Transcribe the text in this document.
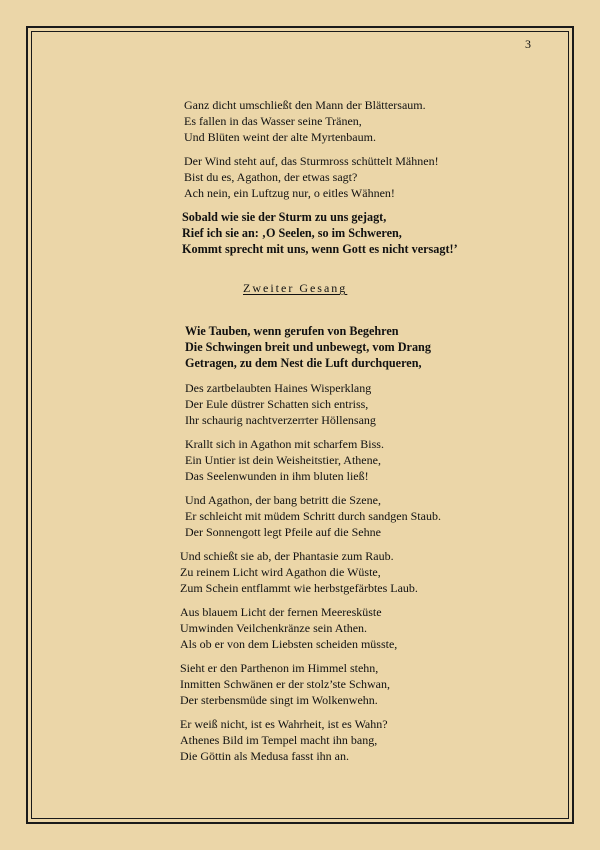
3
Ganz dicht umschließt den Mann der Blättersaum.
Es fallen in das Wasser seine Tränen,
Und Blüten weint der alte Myrtenbaum.
Der Wind steht auf, das Sturmross schüttelt Mähnen!
Bist du es, Agathon, der etwas sagt?
Ach nein, ein Luftzug nur, o eitles Wähnen!
Sobald wie sie der Sturm zu uns gejagt,
Rief ich sie an: ‚O Seelen, so im Schweren,
Kommt sprecht mit uns, wenn Gott es nicht versagt!’
Zweiter Gesang
Wie Tauben, wenn gerufen von Begehren
Die Schwingen breit und unbewegt, vom Drang
Getragen, zu dem Nest die Luft durchqueren,
Des zartbelaubten Haines Wisperklang
Der Eule düstrer Schatten sich entriss,
Ihr schaurig nachtverzerrter Höllensang
Krallt sich in Agathon mit scharfem Biss.
Ein Untier ist dein Weisheitstier, Athene,
Das Seelenwunden in ihm bluten ließ!
Und Agathon, der bang betritt die Szene,
Er schleicht mit müdem Schritt durch sandgen Staub.
Der Sonnengott legt Pfeile auf die Sehne
Und schießt sie ab, der Phantasie zum Raub.
Zu reinem Licht wird Agathon die Wüste,
Zum Schein entflammt wie herbstgefärbtes Laub.
Aus blauem Licht der fernen Meeresküste
Umwinden Veilchenkränze sein Athen.
Als ob er von dem Liebsten scheiden müsste,
Sieht er den Parthenon im Himmel stehn,
Inmitten Schwänen er der stolz’ste Schwan,
Der sterbensmüde singt im Wolkenwehn.
Er weiß nicht, ist es Wahrheit, ist es Wahn?
Athenes Bild im Tempel macht ihn bang,
Die Göttin als Medusa fasst ihn an.
